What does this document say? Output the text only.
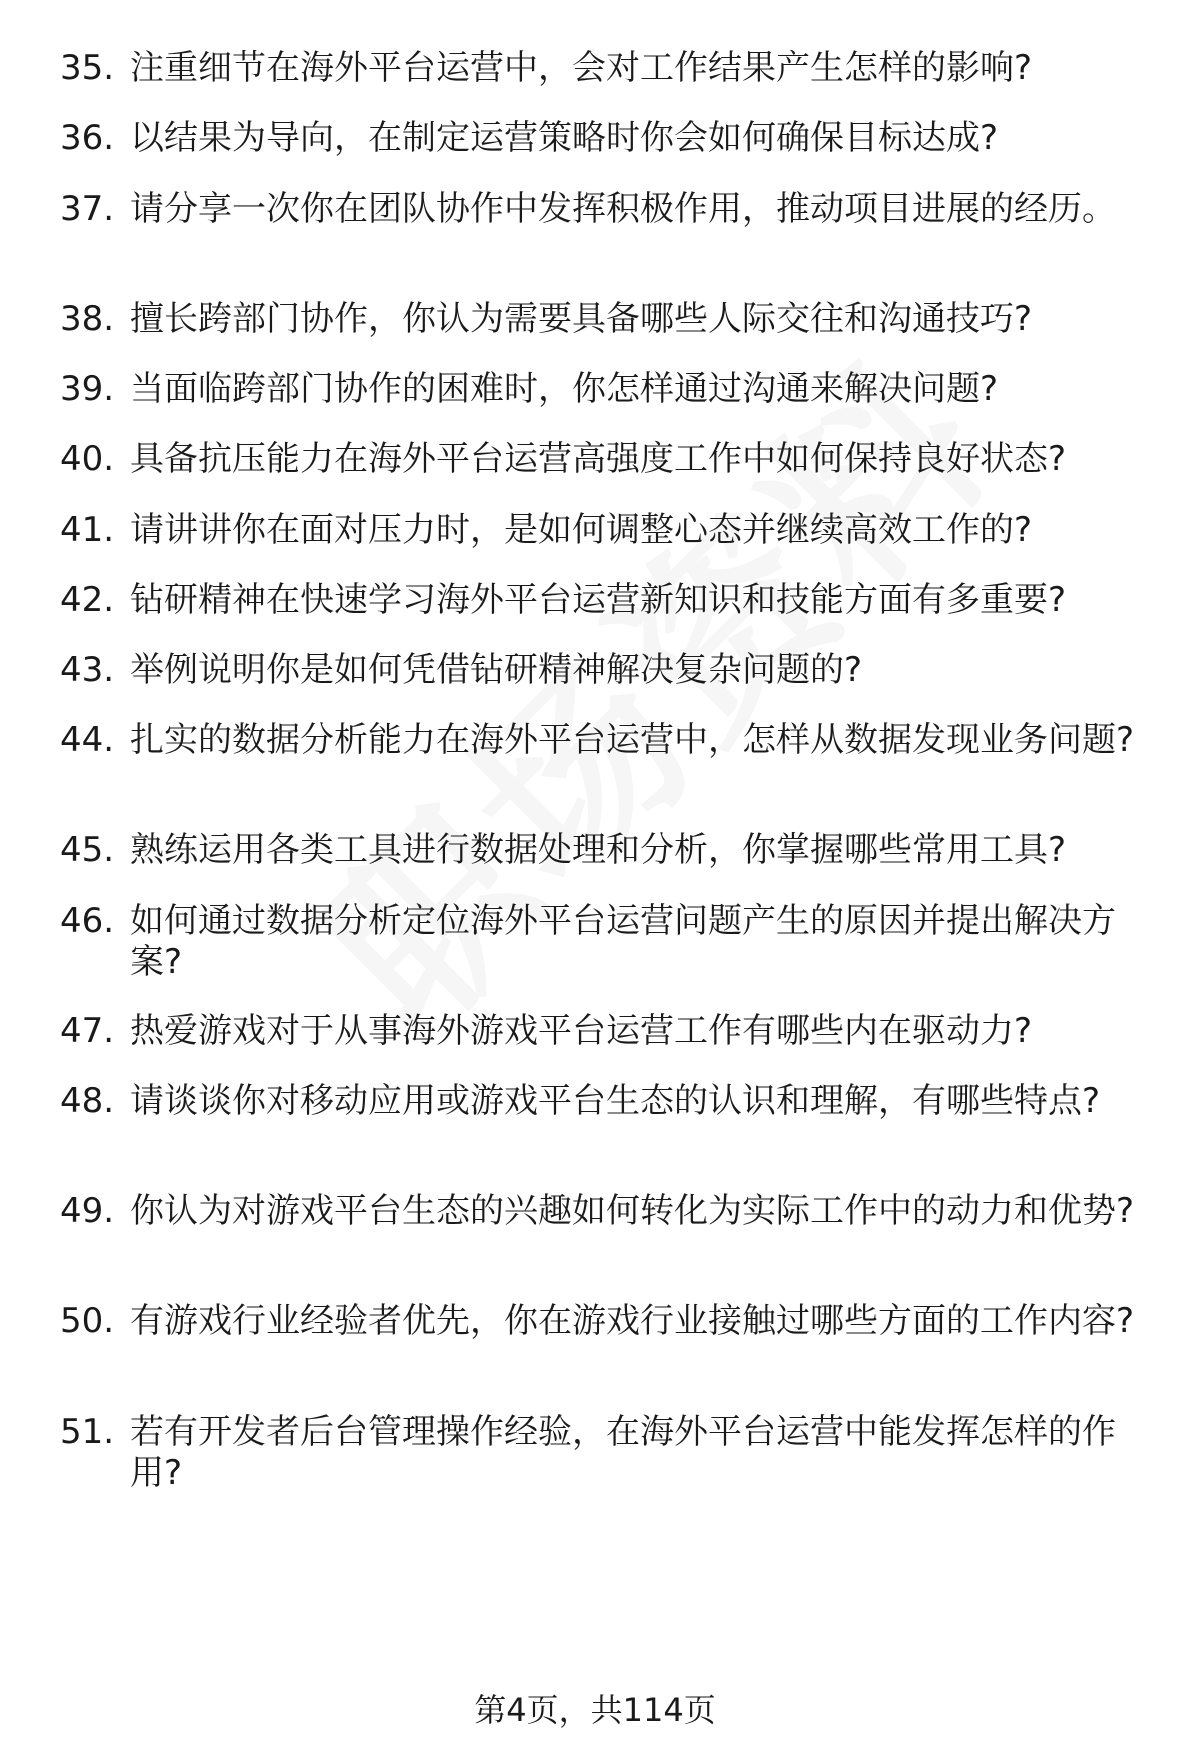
35. 注重细节在海外平台运营中，会对工作结果产生怎样的影响?
36. 以结果为导向，在制定运营策略时你会如何确保目标达成?
37. 请分享一次你在团队协作中发挥积极作用，推动项目进展的经历。
38. 擅长跨部门协作，你认为需要具备哪些人际交往和沟通技巧?
39. 当面临跨部门协作的困难时，你怎样通过沟通来解决问题?
40. 具备抗压能力在海外平台运营高强度工作中如何保持良好状态?
41. 请讲讲你在面对压力时，是如何调整心态并继续高效工作的?
42. 钻研精神在快速学习海外平台运营新知识和技能方面有多重要?
43. 举例说明你是如何凭借钻研精神解决复杂问题的?
44. 扎实的数据分析能力在海外平台运营中，怎样从数据发现业务问题?
45. 熟练运用各类工具进行数据处理和分析，你掌握哪些常用工具?
46. 如何通过数据分析定位海外平台运营问题产生的原因并提出解决方案?
47. 热爱游戏对于从事海外游戏平台运营工作有哪些内在驱动力?
48. 请谈谈你对移动应用或游戏平台生态的认识和理解，有哪些特点?
49. 你认为对游戏平台生态的兴趣如何转化为实际工作中的动力和优势?
50. 有游戏行业经验者优先，你在游戏行业接触过哪些方面的工作内容?
51. 若有开发者后台管理操作经验，在海外平台运营中能发挥怎样的作用?
第4页，共114页
